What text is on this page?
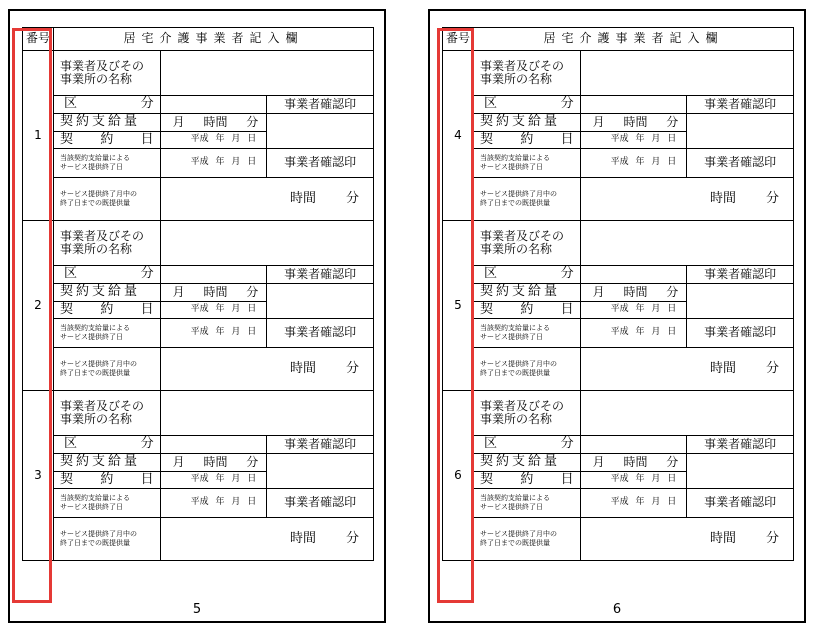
番号	居宅介護事業者記入欄		
1	事業者及びその
事業所の名称		

	区 分		事業者確認印

	契約支給量	月 時間 分	

	契 約 日	平成 年 月 日	

	当該契約支給量による
サービス提供終了日	平成 年 月 日	事業者確認印

	サービス提供終了月中の
終了日までの既提供量	時間 分	

2	事業者及びその
事業所の名称		

	区 分		事業者確認印

	契約支給量	月 時間 分	

	契 約 日	平成 年 月 日	

	当該契約支給量による
サービス提供終了日	平成 年 月 日	事業者確認印

	サービス提供終了月中の
終了日までの既提供量	時間 分	

3	事業者及びその
事業所の名称		

	区 分		事業者確認印

	契約支給量	月 時間 分	

	契 約 日	平成 年 月 日	

	当該契約支給量による
サービス提供終了日	平成 年 月 日	事業者確認印

	サービス提供終了月中の
終了日までの既提供量	時間 分	
5
番号	居宅介護事業者記入欄		
4	事業者及びその
事業所の名称		

	区 分		事業者確認印

	契約支給量	月 時間 分	

	契 約 日	平成 年 月 日	

	当該契約支給量による
サービス提供終了日	平成 年 月 日	事業者確認印

	サービス提供終了月中の
終了日までの既提供量	時間 分	

5	事業者及びその
事業所の名称		

	区 分		事業者確認印

	契約支給量	月 時間 分	

	契 約 日	平成 年 月 日	

	当該契約支給量による
サービス提供終了日	平成 年 月 日	事業者確認印

	サービス提供終了月中の
終了日までの既提供量	時間 分	

6	事業者及びその
事業所の名称		

	区 分		事業者確認印

	契約支給量	月 時間 分	

	契 約 日	平成 年 月 日	

	当該契約支給量による
サービス提供終了日	平成 年 月 日	事業者確認印

	サービス提供終了月中の
終了日までの既提供量	時間 分	
6
